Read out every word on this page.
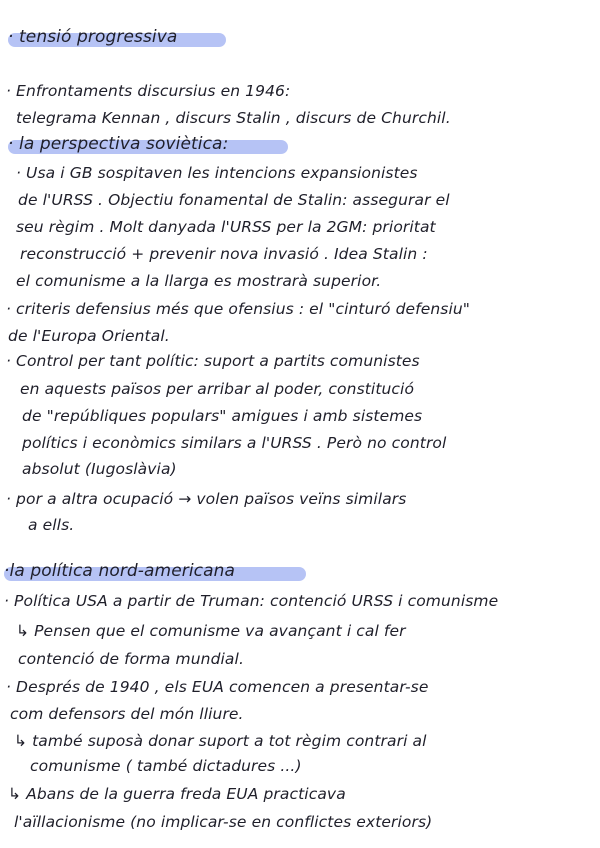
· tensió progressiva
· Enfrontaments discursius en 1946:
telegrama Kennan , discurs Stalin , discurs de Churchil.
· la perspectiva soviètica:
· Usa i GB sospitaven les intencions expansionistes
de l'URSS . Objectiu fonamental de Stalin: assegurar el
seu règim . Molt danyada l'URSS per la 2GM: prioritat
reconstrucció + prevenir nova invasió . Idea Stalin :
el comunisme a la llarga es mostrarà superior.
· criteris defensius més que ofensius : el "cinturó defensiu"
de l'Europa Oriental.
· Control per tant polític: suport a partits comunistes
en aquests països per arribar al poder, constitució
de "repúbliques populars" amigues i amb sistemes
polítics i econòmics similars a l'URSS . Però no control
absolut (Iugoslàvia)
· por a altra ocupació → volen països veïns similars
a ells.
·la política nord-americana
· Política USA a partir de Truman: contenció URSS i comunisme
↳ Pensen que el comunisme va avançant i cal fer
contenció de forma mundial.
· Després de 1940 , els EUA comencen a presentar-se
com defensors del món lliure.
↳ també suposà donar suport a tot règim contrari al
comunisme ( també dictadures ...)
↳ Abans de la guerra freda EUA practicava
l'aïllacionisme (no implicar-se en conflictes exteriors)
